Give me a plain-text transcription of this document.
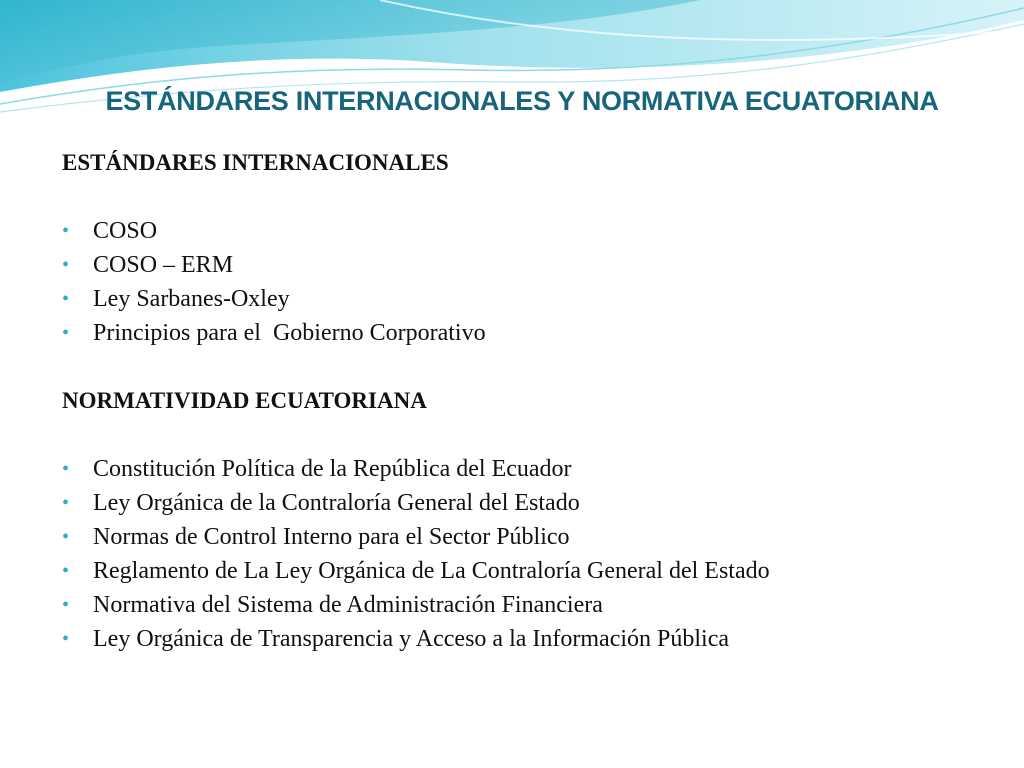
ESTÁNDARES INTERNACIONALES Y NORMATIVA ECUATORIANA

ESTÁNDARES INTERNACIONALES

• COSO
• COSO – ERM
• Ley Sarbanes-Oxley
• Principios para el  Gobierno Corporativo

NORMATIVIDAD ECUATORIANA

• Constitución Política de la República del Ecuador
• Ley Orgánica de la Contraloría General del Estado
• Normas de Control Interno para el Sector Público
• Reglamento de La Ley Orgánica de La Contraloría General del Estado
• Normativa del Sistema de Administración Financiera
• Ley Orgánica de Transparencia y Acceso a la Información Pública
